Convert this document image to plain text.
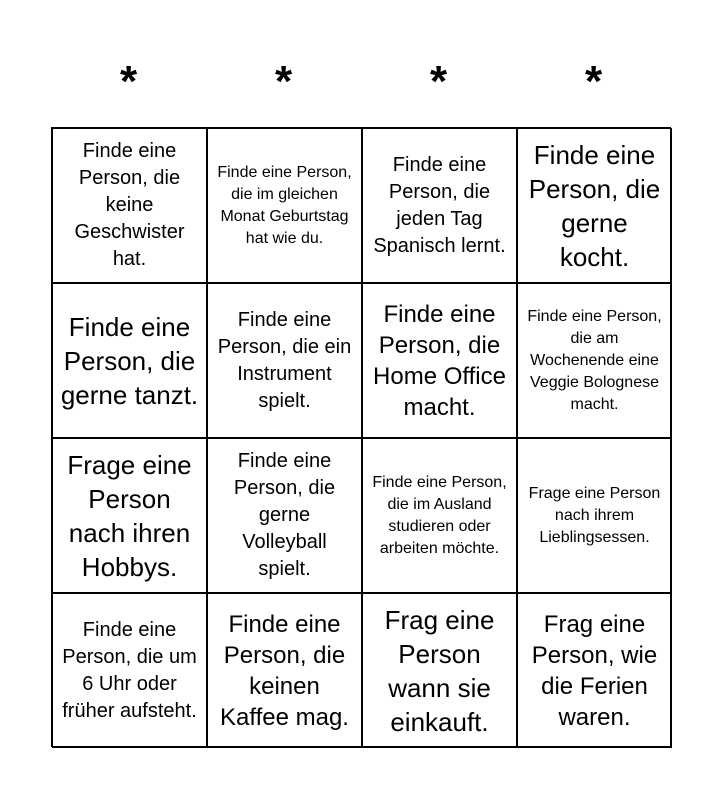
*	*	*	*
Finde eine Person, die keine Geschwister hat.
Finde eine Person, die im gleichen Monat Geburtstag hat wie du.
Finde eine Person, die jeden Tag Spanisch lernt.
Finde eine Person, die gerne kocht.
Finde eine Person, die gerne tanzt.
Finde eine Person, die ein Instrument spielt.
Finde eine Person, die Home Office macht.
Finde eine Person, die am Wochenende eine Veggie Bolognese macht.
Frage eine Person nach ihren Hobbys.
Finde eine Person, die gerne Volleyball spielt.
Finde eine Person, die im Ausland studieren oder arbeiten möchte.
Frage eine Person nach ihrem Lieblingsessen.
Finde eine Person, die um 6 Uhr oder früher aufsteht.
Finde eine Person, die keinen Kaffee mag.
Frag eine Person wann sie einkauft.
Frag eine Person, wie die Ferien waren.
